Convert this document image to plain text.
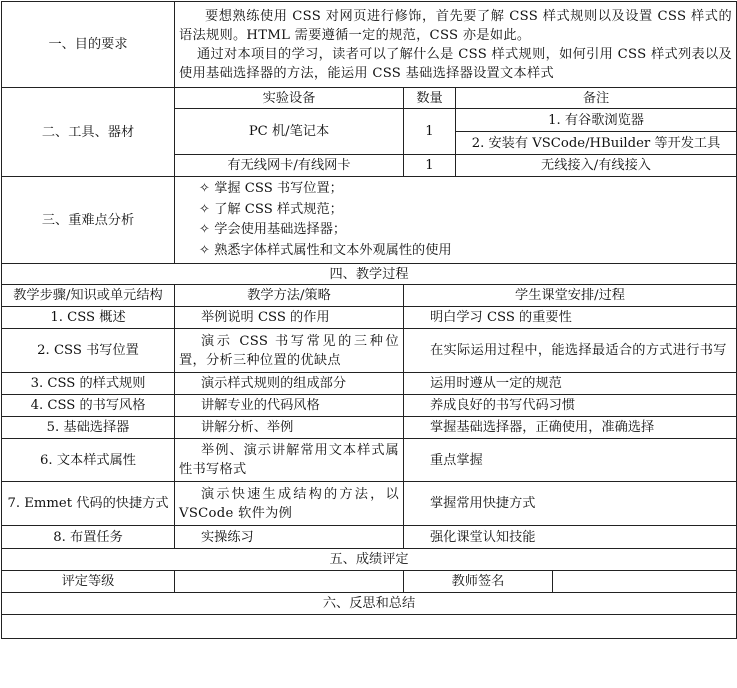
一、目的要求	要想熟练使用 CSS 对网页进行修饰，首先要了解 CSS 样式规则以及设置 CSS 样式的语法规则。HTML 需要遵循一定的规范，CSS 亦是如此。
通过对本项目的学习，读者可以了解什么是 CSS 样式规则，如何引用 CSS 样式列表以及使用基础选择器的方法，能运用 CSS 基础选择器设置文本样式			

二、工具、器材	实验设备	数量	备注	
	PC 机/笔记本	1	1. 有谷歌浏览器	
			2. 安装有 VSCode/HBuilder 等开发工具	
	有无线网卡/有线网卡	1	无线接入/有线接入	
三、重难点分析	✧ 掌握 CSS 书写位置；
✧ 了解 CSS 样式规范；
✧ 学会使用基础选择器；
✧ 熟悉字体样式属性和文本外观属性的使用			

四、教学过程				
教学步骤/知识或单元结构	教学方法/策略	学生课堂安排/过程		
1. CSS 概述	举例说明 CSS 的作用	明白学习 CSS 的重要性		
2. CSS 书写位置	演示 CSS 书写常见的三种位置，分析三种位置的优缺点	在实际运用过程中，能选择最适合的方式进行书写		
3. CSS 的样式规则	演示样式规则的组成部分	运用时遵从一定的规范		
4. CSS 的书写风格	讲解专业的代码风格	养成良好的书写代码习惯		
5. 基础选择器	讲解分析、举例	掌握基础选择器，正确使用，准确选择		
6. 文本样式属性	举例、演示讲解常用文本样式属性书写格式	重点掌握		
7. Emmet 代码的快捷方式	演示快速生成结构的方法，以 VSCode 软件为例	掌握常用快捷方式		
8. 布置任务	实操练习	强化课堂认知技能		
五、成绩评定				
评定等级		教师签名		
六、反思和总结				
